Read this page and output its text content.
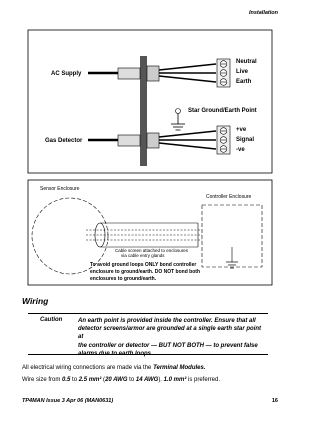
Installation
AC Supply
Neutral
Live
Earth
Star Ground/Earth Point
Gas Detector
+ve
Signal
-ve
Sensor Enclosure
Controller Enclosure
Cable screen attached to enclosures
via cable entry glands
To avoid ground loops ONLY bond controller
enclosure to ground/earth. DO NOT bond both
enclosures to ground/earth.
Wiring
Caution	An earth point is provided inside the controller. Ensure that all
detector screens/armor are grounded at a single earth star point at
the controller or detector — BUT NOT BOTH — to prevent false
alarms due to earth loops.
All electrical wiring connections are made via the Terminal Modules.
Wire size from 0.5 to 2.5 mm² (20 AWG to 14 AWG). 1.0 mm² is preferred.
TP4MAN Issue 3 Apr 06 (MAN0631)	16
